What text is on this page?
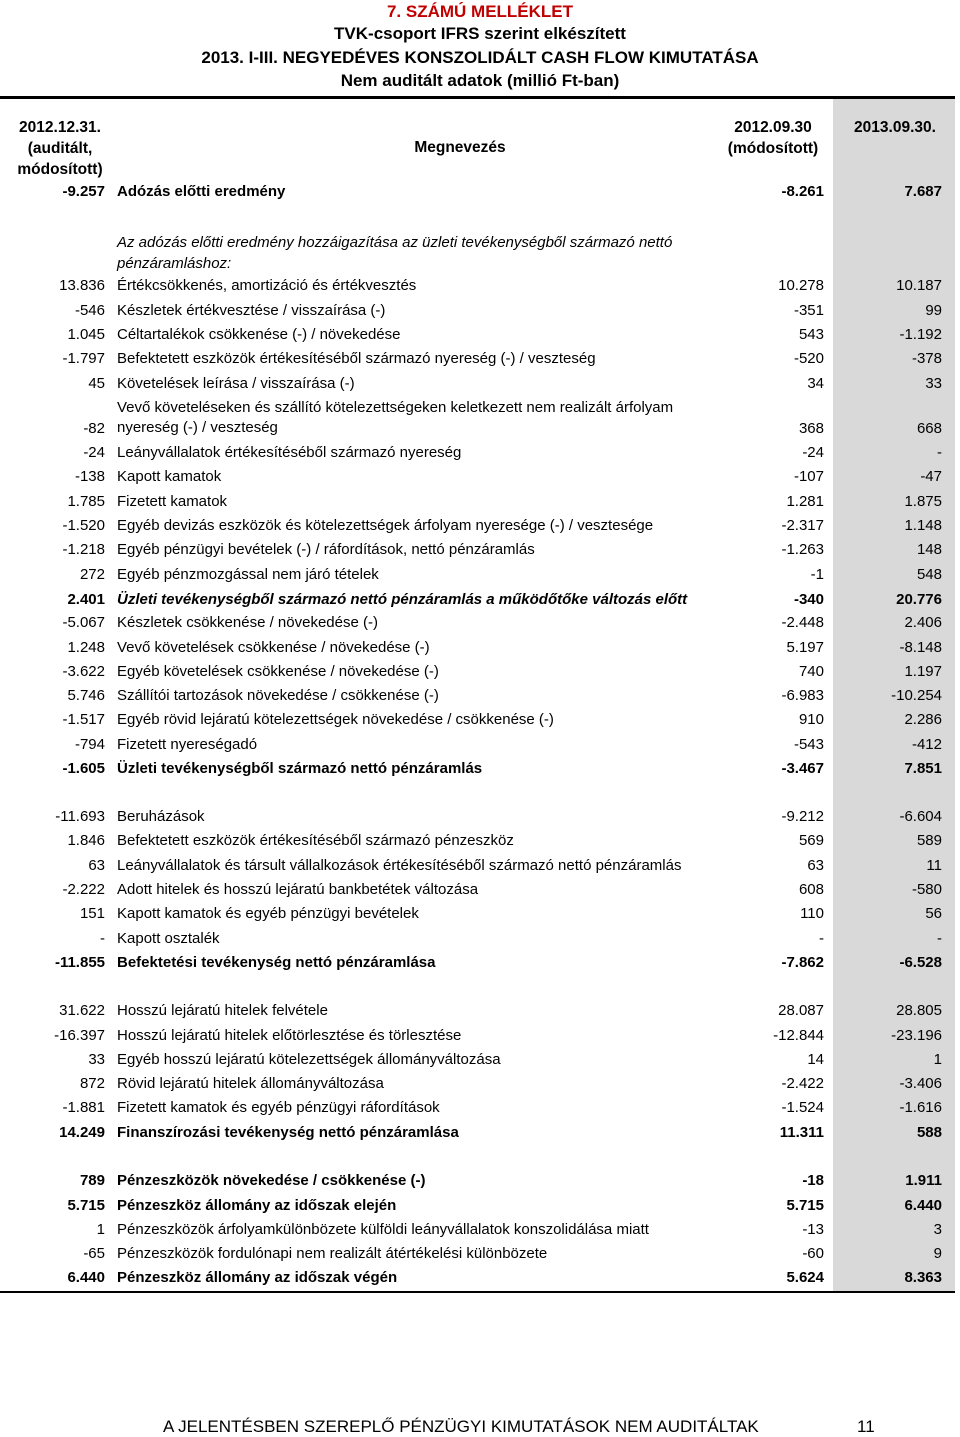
7. SZÁMÚ MELLÉKLET
TVK-csoport IFRS szerint elkészített
2013. I-III. NEGYEDÉVES KONSZOLIDÁLT CASH FLOW KIMUTATÁSA
Nem auditált adatok (millió Ft-ban)
2012.12.31.
(auditált,
módosított)
Megnevezés
2012.09.30
(módosított)
2013.09.30.
-9.257 Adózás előtti eredmény	-8.261	7.687
Az adózás előtti eredmény hozzáigazítása az üzleti tevékenységből származó nettó
pénzáramláshoz:
13.836 Értékcsökkenés, amortizáció és értékvesztés	10.278	10.187
-546 Készletek értékvesztése / visszaírása (-)	-351	99
1.045 Céltartalékok csökkenése (-) / növekedése	543	-1.192
-1.797 Befektetett eszközök értékesítéséből származó nyereség (-) / veszteség	-520	-378
45 Követelések leírása / visszaírása (-)	34	33
Vevő követeléseken és szállító kötelezettségeken keletkezett nem realizált árfolyam
nyereség (-) / veszteség
-82	368	668
-24 Leányvállalatok értékesítéséből származó nyereség	-24	-
-138 Kapott kamatok	-107	-47
1.785 Fizetett kamatok	1.281	1.875
-1.520 Egyéb devizás eszközök és kötelezettségek árfolyam nyeresége (-) / vesztesége	-2.317	1.148
-1.218 Egyéb pénzügyi bevételek (-) / ráfordítások, nettó pénzáramlás	-1.263	148
272 Egyéb pénzmozgással nem járó tételek	-1	548
2.401 Üzleti tevékenységből származó nettó pénzáramlás a működőtőke változás előtt	-340	20.776
-5.067 Készletek csökkenése / növekedése (-)	-2.448	2.406
1.248 Vevő követelések csökkenése / növekedése (-)	5.197	-8.148
-3.622 Egyéb követelések csökkenése / növekedése (-)	740	1.197
5.746 Szállítói tartozások növekedése / csökkenése (-)	-6.983	-10.254
-1.517 Egyéb rövid lejáratú kötelezettségek növekedése / csökkenése (-)	910	2.286
-794 Fizetett nyereségadó	-543	-412
-1.605 Üzleti tevékenységből származó nettó pénzáramlás	-3.467	7.851
-11.693 Beruházások	-9.212	-6.604
1.846 Befektetett eszközök értékesítéséből származó pénzeszköz	569	589
63 Leányvállalatok és társult vállalkozások értékesítéséből származó nettó pénzáramlás	63	11
-2.222 Adott hitelek és hosszú lejáratú bankbetétek változása	608	-580
151 Kapott kamatok és egyéb pénzügyi bevételek	110	56
- Kapott osztalék	-	-
-11.855 Befektetési tevékenység nettó pénzáramlása	-7.862	-6.528
31.622 Hosszú lejáratú hitelek felvétele	28.087	28.805
-16.397 Hosszú lejáratú hitelek előtörlesztése és törlesztése	-12.844	-23.196
33 Egyéb hosszú lejáratú kötelezettségek állományváltozása	14	1
872 Rövid lejáratú hitelek állományváltozása	-2.422	-3.406
-1.881 Fizetett kamatok és egyéb pénzügyi ráfordítások	-1.524	-1.616
14.249 Finanszírozási tevékenység nettó pénzáramlása	11.311	588
789 Pénzeszközök növekedése / csökkenése (-)	-18	1.911
5.715 Pénzeszköz állomány az időszak elején	5.715	6.440
1 Pénzeszközök árfolyamkülönbözete külföldi leányvállalatok konszolidálása miatt	-13	3
-65 Pénzeszközök fordulónapi nem realizált átértékelési különbözete	-60	9
6.440 Pénzeszköz állomány az időszak végén	5.624	8.363
A JELENTÉSBEN SZEREPLŐ PÉNZÜGYI KIMUTATÁSOK NEM AUDITÁLTAK	11
